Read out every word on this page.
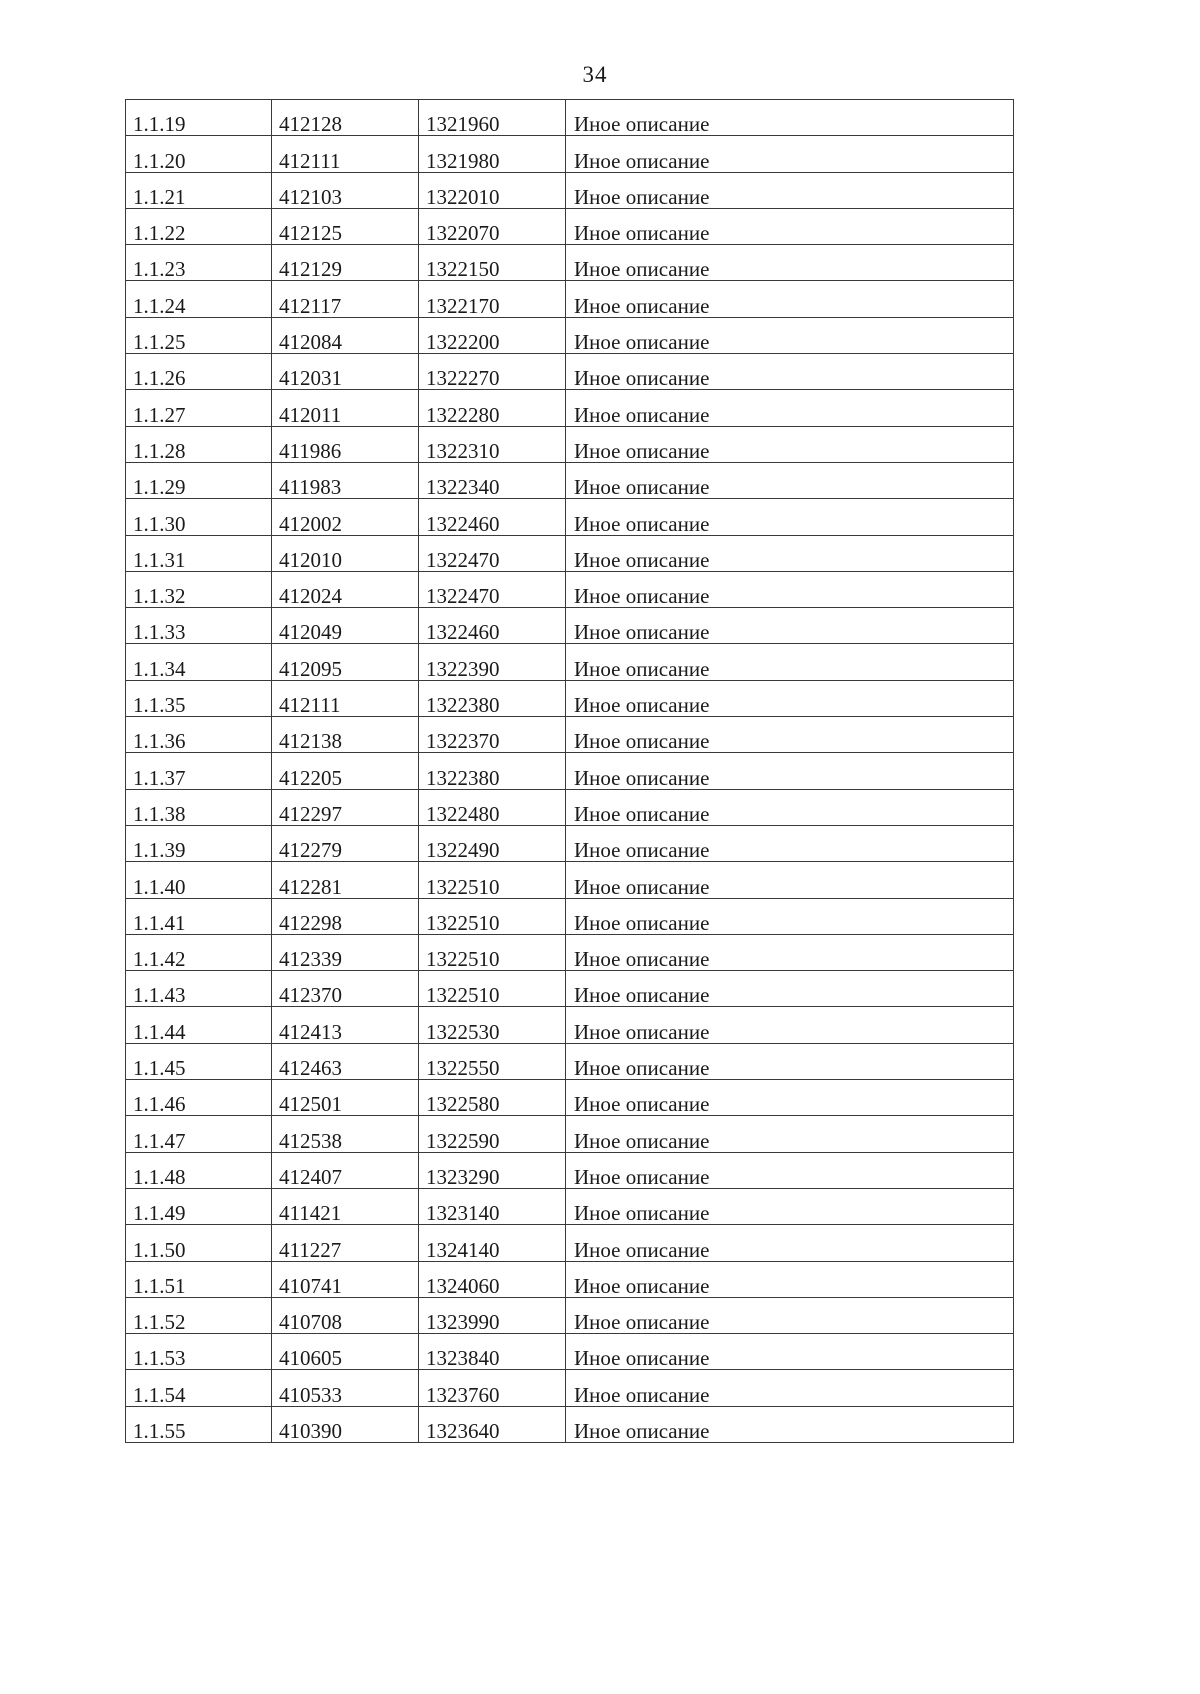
34
1.1.19	412128	1321960	Иное описание
1.1.20	412111	1321980	Иное описание
1.1.21	412103	1322010	Иное описание
1.1.22	412125	1322070	Иное описание
1.1.23	412129	1322150	Иное описание
1.1.24	412117	1322170	Иное описание
1.1.25	412084	1322200	Иное описание
1.1.26	412031	1322270	Иное описание
1.1.27	412011	1322280	Иное описание
1.1.28	411986	1322310	Иное описание
1.1.29	411983	1322340	Иное описание
1.1.30	412002	1322460	Иное описание
1.1.31	412010	1322470	Иное описание
1.1.32	412024	1322470	Иное описание
1.1.33	412049	1322460	Иное описание
1.1.34	412095	1322390	Иное описание
1.1.35	412111	1322380	Иное описание
1.1.36	412138	1322370	Иное описание
1.1.37	412205	1322380	Иное описание
1.1.38	412297	1322480	Иное описание
1.1.39	412279	1322490	Иное описание
1.1.40	412281	1322510	Иное описание
1.1.41	412298	1322510	Иное описание
1.1.42	412339	1322510	Иное описание
1.1.43	412370	1322510	Иное описание
1.1.44	412413	1322530	Иное описание
1.1.45	412463	1322550	Иное описание
1.1.46	412501	1322580	Иное описание
1.1.47	412538	1322590	Иное описание
1.1.48	412407	1323290	Иное описание
1.1.49	411421	1323140	Иное описание
1.1.50	411227	1324140	Иное описание
1.1.51	410741	1324060	Иное описание
1.1.52	410708	1323990	Иное описание
1.1.53	410605	1323840	Иное описание
1.1.54	410533	1323760	Иное описание
1.1.55	410390	1323640	Иное описание
